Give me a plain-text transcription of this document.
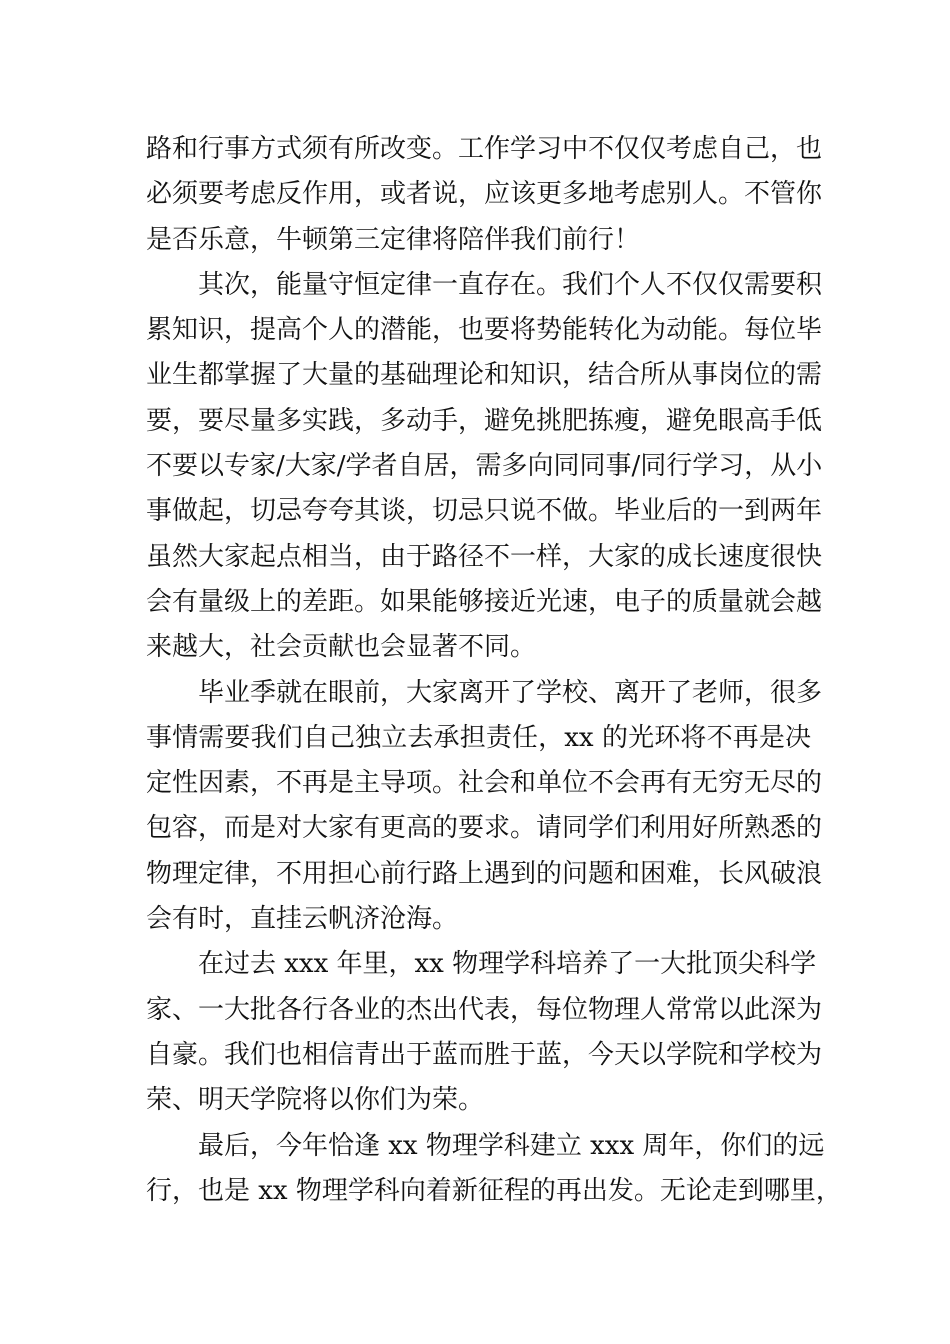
路和行事方式须有所改变。工作学习中不仅仅考虑自己，也
必须要考虑反作用，或者说，应该更多地考虑别人。不管你
是否乐意，牛顿第三定律将陪伴我们前行！
其次，能量守恒定律一直存在。我们个人不仅仅需要积
累知识，提高个人的潜能，也要将势能转化为动能。每位毕
业生都掌握了大量的基础理论和知识，结合所从事岗位的需
要，要尽量多实践，多动手，避免挑肥拣瘦，避免眼高手低
不要以专家/大家/学者自居，需多向同同事/同行学习，从小
事做起，切忌夸夸其谈，切忌只说不做。毕业后的一到两年
虽然大家起点相当，由于路径不一样，大家的成长速度很快
会有量级上的差距。如果能够接近光速，电子的质量就会越
来越大，社会贡献也会显著不同。
毕业季就在眼前，大家离开了学校、离开了老师，很多
事情需要我们自己独立去承担责任，xx 的光环将不再是决
定性因素，不再是主导项。社会和单位不会再有无穷无尽的
包容，而是对大家有更高的要求。请同学们利用好所熟悉的
物理定律，不用担心前行路上遇到的问题和困难，长风破浪
会有时，直挂云帆济沧海。
在过去 xxx 年里，xx 物理学科培养了一大批顶尖科学
家、一大批各行各业的杰出代表，每位物理人常常以此深为
自豪。我们也相信青出于蓝而胜于蓝，今天以学院和学校为
荣、明天学院将以你们为荣。
最后，今年恰逢 xx 物理学科建立 xxx 周年，你们的远
行，也是 xx 物理学科向着新征程的再出发。无论走到哪里，
